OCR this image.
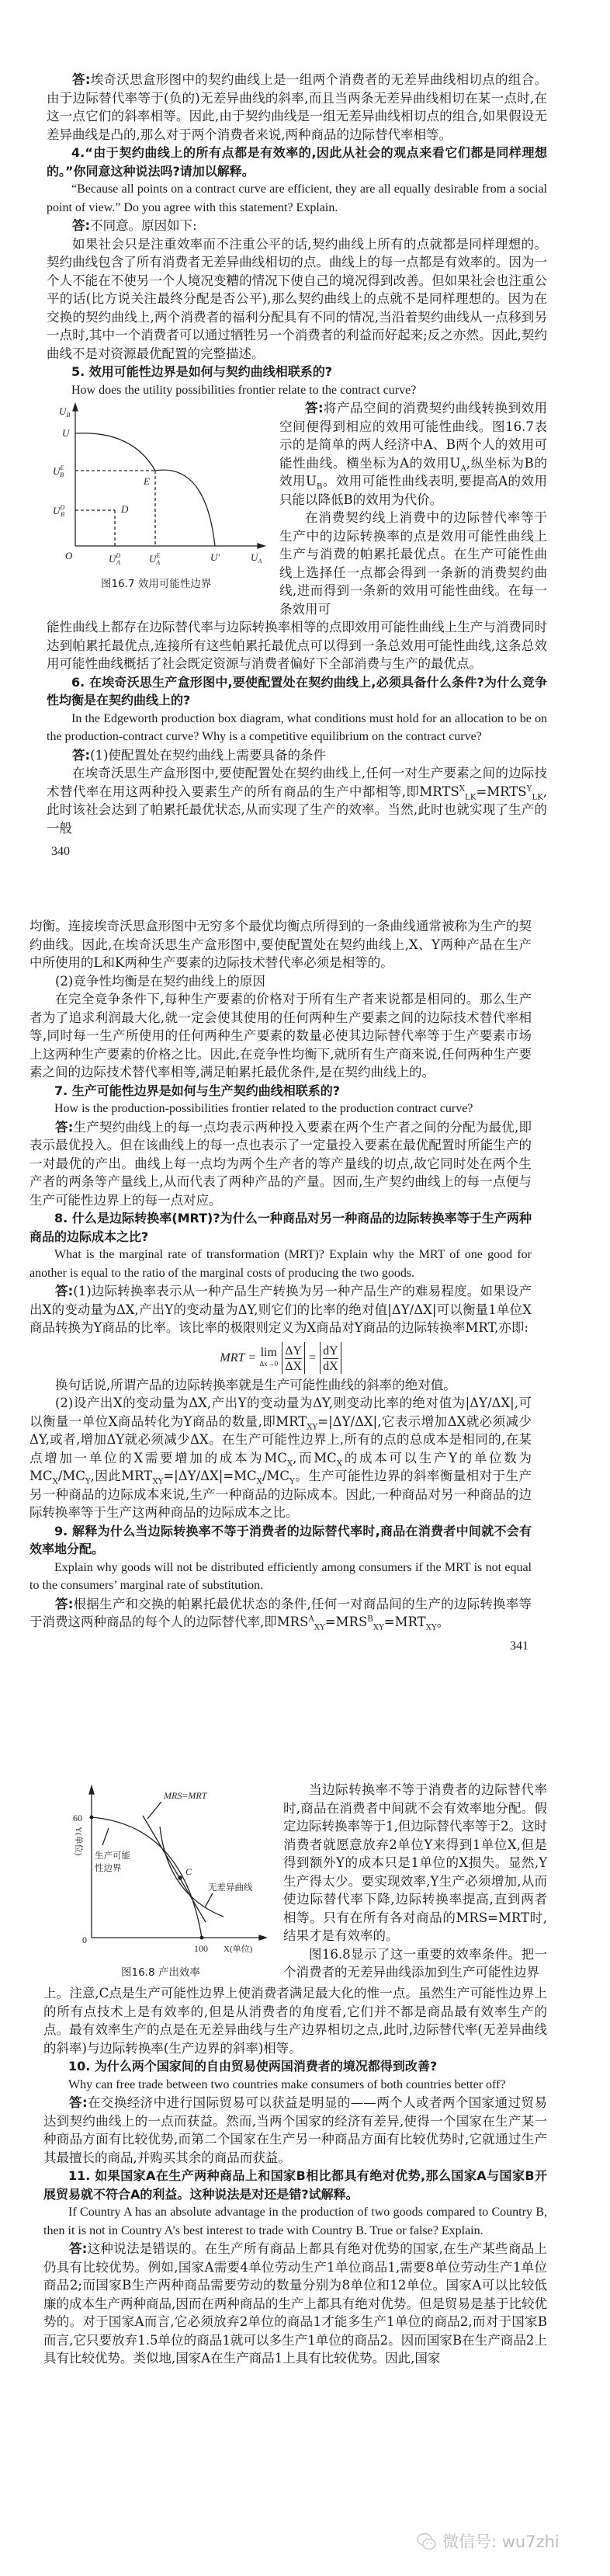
答:埃奇沃思盒形图中的契约曲线上是一组两个消费者的无差异曲线相切点的组合。由于边际替代率等于(负的)无差异曲线的斜率,而且当两条无差异曲线相切在某一点时,在这一点它们的斜率相等。因此,由于契约曲线是一组无差异曲线相切点的组合,如果假设无差异曲线是凸的,那么对于两个消费者来说,两种商品的边际替代率相等。

4.“由于契约曲线上的所有点都是有效率的,因此从社会的观点来看它们都是同样理想的。”你同意这种说法吗?请加以解释。

“Because all points on a contract curve are efficient, they are all equally desirable from a social point of view.” Do you agree with this statement? Explain.

答:不同意。原因如下:

如果社会只是注重效率而不注重公平的话,契约曲线上所有的点就都是同样理想的。契约曲线包含了所有消费者无差异曲线相切的点。曲线上的每一点都是有效率的。因为一个人不能在不使另一个人境况变糟的情况下使自己的境况得到改善。但如果社会也注重公平的话(比方说关注最终分配是否公平),那么契约曲线上的点就不是同样理想的。因为在交换的契约曲线上,两个消费者的福利分配具有不同的情况,当沿着契约曲线从一点移到另一点时,其中一个消费者可以通过牺牲另一个消费者的利益而好起来;反之亦然。因此,契约曲线不是对资源最优配置的完整描述。

5. 效用可能性边界是如何与契约曲线相联系的?

How does the utility possibilities frontier relate to the contract curve?

$U_B$
U
$U^E$ B
E
$U^D$ B	D
O	$U^D$ A	$U^E$ A	U'	$U_A$
图16.7 效用可能性边界

答:将产品空间的消费契约曲线转换到效用空间便得到相应的效用可能性曲线。图16.7表示的是简单的两人经济中A、B两个人的效用可能性曲线。横坐标为A的效用$U_A$,纵坐标为B的效用$U_B$。效用可能性曲线表明,要提高A的效用只能以降低B的效用为代价。

在消费契约线上消费中的边际替代率等于生产中的边际转换率的点是效用可能性曲线上生产与消费的帕累托最优点。在生产可能性曲线上选择任一点都会得到一条新的消费契约曲线,进而得到一条新的效用可能性曲线。在每一条效用可

能性曲线上都存在边际替代率与边际转换率相等的点即效用可能性曲线上生产与消费同时达到帕累托最优点,连接所有这些帕累托最优点可以得到一条总效用可能性曲线,这条总效用可能性曲线概括了社会既定资源与消费者偏好下全部消费与生产的最优点。

6. 在埃奇沃思生产盒形图中,要使配置处在契约曲线上,必须具备什么条件?为什么竞争性均衡是在契约曲线上的?

In the Edgeworth production box diagram, what conditions must hold for an allocation to be on the production-contract curve? Why is a competitive equilibrium on the contract curve?

答:(1)使配置处在契约曲线上需要具备的条件

在埃奇沃思生产盒形图中,要使配置处在契约曲线上,任何一对生产要素之间的边际技术替代率在用这两种投入要素生产的所有商品的生产中都相等,即$MRTS^X_{LK}=MRTS^Y_{LK}$,此时该社会达到了帕累托最优状态,从而实现了生产的效率。当然,此时也就实现了生产的一般

340

均衡。连接埃奇沃思盒形图中无穷多个最优均衡点所得到的一条曲线通常被称为生产的契约曲线。因此,在埃奇沃思生产盒形图中,要使配置处在契约曲线上,X、Y两种产品在生产中所使用的L和K两种生产要素的边际技术替代率必须是相等的。

(2)竞争性均衡是在契约曲线上的原因

在完全竞争条件下,每种生产要素的价格对于所有生产者来说都是相同的。那么生产者为了追求利润最大化,就一定会使其使用的任何两种生产要素之间的边际技术替代率相等,同时每一生产所使用的任何两种生产要素的数量必使其边际替代率等于生产要素市场上这两种生产要素的价格之比。因此,在竞争性均衡下,就所有生产商来说,任何两种生产要素之间的边际技术替代率相等,满足帕累托最优条件,是在契约曲线上的。

7. 生产可能性边界是如何与生产契约曲线相联系的?

How is the production-possibilities frontier related to the production contract curve?

答:生产契约曲线上的每一点均表示两种投入要素在两个生产者之间的分配为最优,即表示最优投入。但在该曲线上的每一点也表示了一定量投入要素在最优配置时所能生产的一对最优的产出。曲线上每一点均为两个生产者的等产量线的切点,故它同时处在两个生产者的两条等产量线上,从而代表了两种产品的产量。因而,生产契约曲线上的每一点便与生产可能性边界上的每一点对应。

8. 什么是边际转换率(MRT)?为什么一种商品对另一种商品的边际转换率等于生产两种商品的边际成本之比?

What is the marginal rate of transformation (MRT)? Explain why the MRT of one good for another is equal to the ratio of the marginal costs of producing the two goods.

答:(1)边际转换率表示从一种产品生产转换为另一种产品生产的难易程度。如果设产出X的变动量为ΔX,产出Y的变动量为ΔY,则它们的比率的绝对值|ΔY/ΔX|可以衡量1单位X商品转换为Y商品的比率。该比率的极限则定义为X商品对Y商品的边际转换率MRT,亦即:

MRT = lim
$\Delta x\to 0 \frac{\Delta Y}{\Delta X} = \frac{dY}{dX}$

换句话说,所谓产品的边际转换率就是生产可能性曲线的斜率的绝对值。

(2)设产出X的变动量为ΔX,产出Y的变动量为ΔY,则变动比率的绝对值为|ΔY/ΔX|,可以衡量一单位X商品转化为Y商品的数量,即$MRT_{XY}=|\Delta Y/\Delta X|$,它表示增加ΔX就必须减少ΔY,或者,增加ΔY就必须减少ΔX。在生产可能性边界上,所有的点的总成本是相同的,在某点增加一单位的X需要增加的成本为$MC_X$,而$MC_X$的成本可以生产Y的单位数为$MC_X/MC_Y$,因此$MRT_{XY}=|\Delta Y/\Delta X|=MC_X/MC_Y$。生产可能性边界的斜率衡量相对于生产另一种商品的边际成本来说,生产一种商品的边际成本。因此,一种商品对另一种商品的边际转换率等于生产这两种商品的边际成本之比。

9. 解释为什么当边际转换率不等于消费者的边际替代率时,商品在消费者中间就不会有效率地分配。

Explain why goods will not be distributed efficiently among consumers if the MRT is not equal to the consumers’ marginal rate of substitution.

答:根据生产和交换的帕累托最优状态的条件,任何一对商品间的生产的边际转换率等于消费这两种商品的每个人的边际替代率,即$MRS^A_{XY}=MRS^B_{XY}=MRT_{XY}$。

341
MRS=MRT
60
Y(单位) 生产可能
性边界	C
无差异曲线
0
100 X(单位)
图16.8 产出效率

当边际转换率不等于消费者的边际替代率时,商品在消费者中间就不会有效率地分配。假定边际转换率等于1,但边际替代率等于2。这时消费者就愿意放弃2单位Y来得到1单位X,但是得到额外Y的成本只是1单位的X损失。显然,Y生产得太少。要实现效率,Y生产必须增加,从而使边际替代率下降,边际转换率提高,直到两者相等。只有在所有各对商品的MRS=MRT时,结果才是有效率的。

图16.8显示了这一重要的效率条件。把一个消费者的无差异曲线添加到生产可能性边界

上。注意,C点是生产可能性边界上使消费者满足最大化的惟一点。虽然生产可能性边界上的所有点技术上是有效率的,但是从消费者的角度看,它们并不都是商品最有效率生产的点。最有效率生产的点是在无差异曲线与生产边界相切之点,此时,边际替代率(无差异曲线的斜率)与边际转换率(生产边界的斜率)相等。

10. 为什么两个国家间的自由贸易使两国消费者的境况都得到改善?

Why can free trade between two countries make consumers of both countries better off?

答:在交换经济中进行国际贸易可以获益是明显的——两个人或者两个国家通过贸易达到契约曲线上的一点而获益。然而,当两个国家的经济有差异,使得一个国家在生产某一种商品方面有比较优势,而第二个国家在生产另一种商品方面有比较优势时,它就通过生产其最擅长的商品,并购买其余的商品而获益。

11. 如果国家A在生产两种商品上和国家B相比都具有绝对优势,那么国家A与国家B开展贸易就不符合A的利益。这种说法是对还是错?试解释。

If Country A has an absolute advantage in the production of two goods compared to Country B, then it is not in Country A’s best interest to trade with Country B. True or false? Explain.

答:这种说法是错误的。在生产所有商品上都具有绝对优势的国家,在生产某些商品上仍具有比较优势。例如,国家A需要4单位劳动生产1单位商品1,需要8单位劳动生产1单位商品2;而国家B生产两种商品需要劳动的数量分别为8单位和12单位。国家A可以比较低廉的成本生产两种商品,因而在两种商品的生产上都具有绝对优势。但是贸易是基于比较优势的。对于国家A而言,它必须放弃2单位的商品1才能多生产1单位的商品2,而对于国家B而言,它只要放弃1.5单位的商品1就可以多生产1单位的商品2。因而国家B在生产商品2上具有比较优势。类似地,国家A在生产商品1上具有比较优势。因此,国家

微信号: wu7zhi
